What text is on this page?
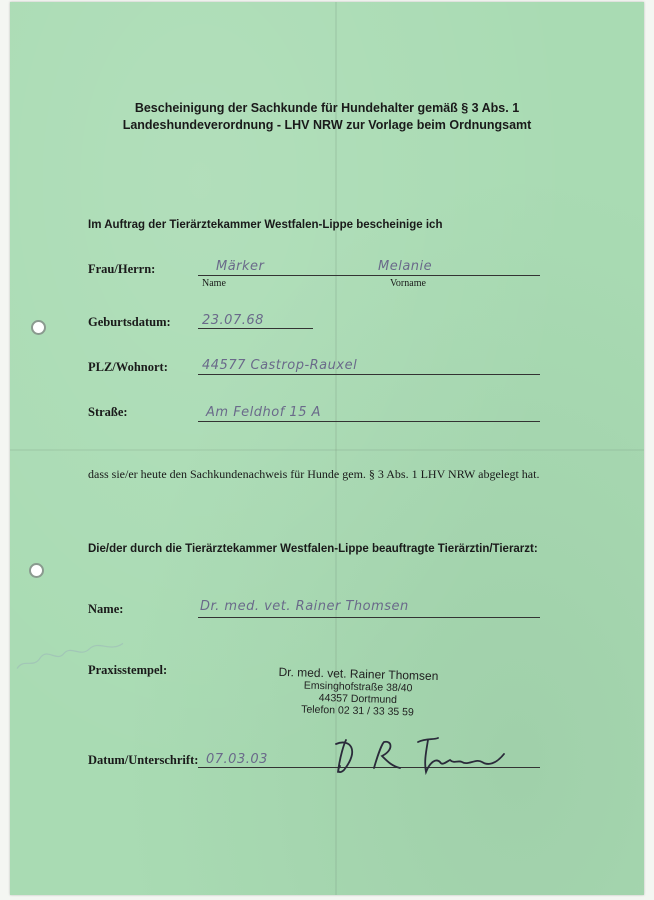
Bescheinigung der Sachkunde für Hundehalter gemäß § 3 Abs. 1
Landeshundeverordnung - LHV NRW zur Vorlage beim Ordnungsamt
Im Auftrag der Tierärztekammer Westfalen-Lippe bescheinige ich
Frau/Herrn:	Märker	Melanie
Name	Vorname
Geburtsdatum: 23.07.68
PLZ/Wohnort:	44577 Castrop-Rauxel
Straße:	Am Feldhof 15 A
dass sie/er heute den Sachkundenachweis für Hunde gem. § 3 Abs. 1 LHV NRW abgelegt hat.
Die/der durch die Tierärztekammer Westfalen-Lippe beauftragte Tierärztin/Tierarzt:
Name:	Dr. med. vet. Rainer Thomsen
Praxisstempel:	Dr. med. vet. Rainer Thomsen
Emsinghofstraße 38/40
44357 Dortmund
Telefon 02 31 / 33 35 59
Datum/Unterschrift: 07.03.03
